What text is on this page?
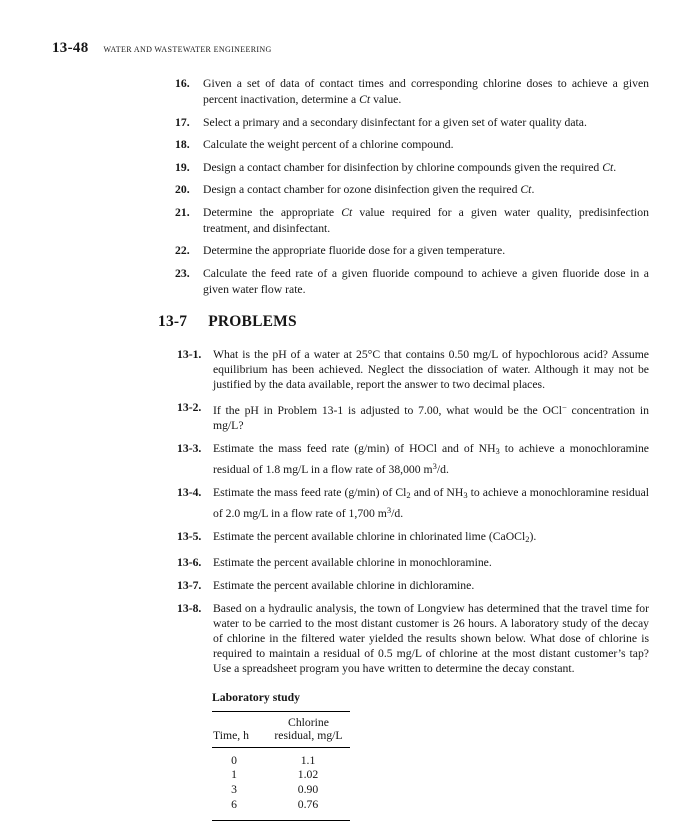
13-48 WATER AND WASTEWATER ENGINEERING
16.	Given a set of data of contact times and corresponding chlorine doses to achieve a given percent inactivation, determine a Ct value.
17.	Select a primary and a secondary disinfectant for a given set of water quality data.
18.	Calculate the weight percent of a chlorine compound.
19.	Design a contact chamber for disinfection by chlorine compounds given the required Ct.
20.	Design a contact chamber for ozone disinfection given the required Ct.
21.	Determine the appropriate Ct value required for a given water quality, predisinfection treatment, and disinfectant.
22.	Determine the appropriate fluoride dose for a given temperature.
23.	Calculate the feed rate of a given fluoride compound to achieve a given fluoride dose in a given water flow rate.
13-7 PROBLEMS
13-1. What is the pH of a water at 25°C that contains 0.50 mg/L of hypochlorous acid? Assume equilibrium has been achieved. Neglect the dissociation of water. Although it may not be justified by the data available, report the answer to two decimal places.
13-2. If the pH in Problem 13-1 is adjusted to 7.00, what would be the OCl− concentration in mg/L?
13-3. Estimate the mass feed rate (g/min) of HOCl and of $NH_3$ to achieve a monochloramine residual of 1.8 mg/L in a flow rate of 38,000 $m^3/d$.
13-4. Estimate the mass feed rate (g/min) of $Cl_2$ and of $NH_3$ to achieve a monochloramine residual of 2.0 mg/L in a flow rate of 1,700 $m^3/d$.
13-5. Estimate the percent available chlorine in chlorinated lime (CaOCl$_2$).
13-6. Estimate the percent available chlorine in monochloramine.
13-7. Estimate the percent available chlorine in dichloramine.
13-8. Based on a hydraulic analysis, the town of Longview has determined that the travel time for water to be carried to the most distant customer is 26 hours. A laboratory study of the decay of chlorine in the filtered water yielded the results shown below. What dose of chlorine is required to maintain a residual of 0.5 mg/L of chlorine at the most distant customer’s tap? Use a spreadsheet program you have written to determine the decay constant.
Laboratory study
Time, h
Chlorine
residual, mg/L
0	1.1
1	1.02
3	0.90
6	0.76
